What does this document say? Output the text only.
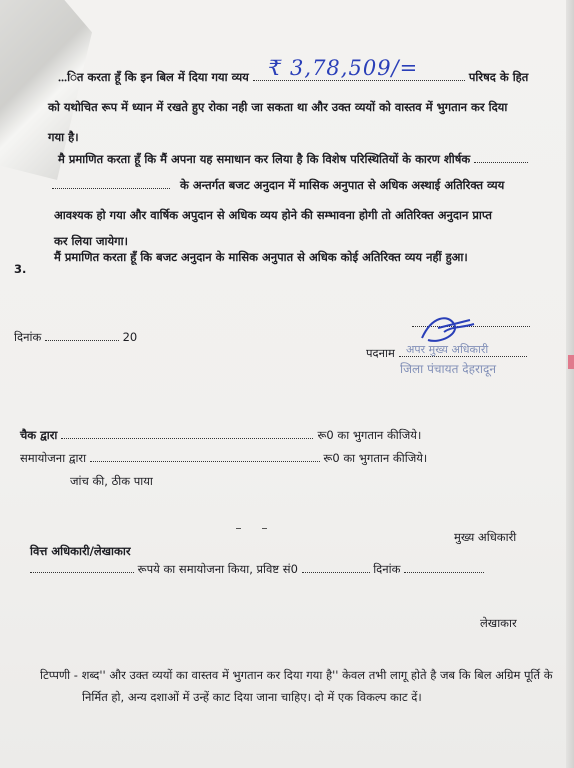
…ित करता हूँ कि इन बिल में दिया गया व्यय	परिषद के हित
₹ 3,78,509/=
को यथोचित रूप में ध्यान में रखते हुए रोका नही जा सकता था और उक्त व्ययों को वास्तव में भुगतान कर दिया
गया है।
मै प्रमाणित करता हूँ कि मैं अपना यह समाधान कर लिया है कि विशेष परिस्थितियों के कारण शीर्षक
के अन्तर्गत बजट अनुदान में मासिक अनुपात से अधिक अस्थाई अतिरिक्त व्यय
आवश्यक हो गया और वार्षिक अपुदान से अधिक व्यय होने की सम्भावना होगी तो अतिरिक्त अनुदान प्राप्त
कर लिया जायेगा।
3.
मैं प्रमाणित करता हूँ कि बजट अनुदान के मासिक अनुपात से अधिक कोई अतिरिक्त व्यय नहीं हुआ।
दिनांक	20
पदनाम	अपर मुख्य अधिकारी
जिला पंचायत देहरादून
चैक द्वारा	रू0 का भुगतान कीजिये।
समायोजना द्वारा	रू0 का भुगतान कीजिये।
जांच की, ठीक पाया
मुख्य अधिकारी
वित्त अधिकारी/लेखाकार
रूपये का समायोजना किया, प्रविष्ट सं0	दिनांक
लेखाकार
टिप्पणी - शब्द'' और उक्त व्ययों का वास्तव में भुगतान कर दिया गया है'' केवल तभी लागू होते है जब कि बिल अग्रिम पूर्ति के
निर्मित हो, अन्य दशाओं में उन्हें काट दिया जाना चाहिए। दो में एक विकल्प काट दें।
